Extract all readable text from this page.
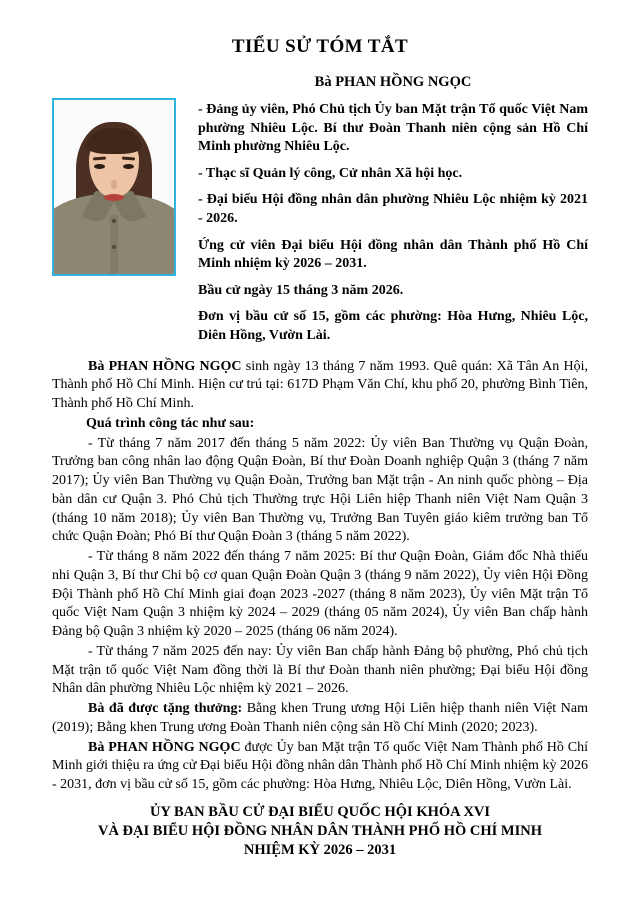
TIỂU SỬ TÓM TẮT
Bà PHAN HỒNG NGỌC

- Đảng ủy viên, Phó Chủ tịch Ủy ban Mặt trận Tổ quốc Việt Nam phường Nhiêu Lộc. Bí thư Đoàn Thanh niên cộng sản Hồ Chí Minh phường Nhiêu Lộc.

- Thạc sĩ Quản lý công, Cử nhân Xã hội học.

- Đại biểu Hội đồng nhân dân phường Nhiêu Lộc nhiệm kỳ 2021 - 2026.

Ứng cử viên Đại biểu Hội đồng nhân dân Thành phố Hồ Chí Minh nhiệm kỳ 2026 – 2031.

Bầu cử ngày 15 tháng 3 năm 2026.

Đơn vị bầu cử số 15, gồm các phường: Hòa Hưng, Nhiêu Lộc, Diên Hồng, Vườn Lài.

Bà PHAN HỒNG NGỌC sinh ngày 13 tháng 7 năm 1993. Quê quán: Xã Tân An Hội, Thành phố Hồ Chí Minh. Hiện cư trú tại: 617D Phạm Văn Chí, khu phố 20, phường Bình Tiên, Thành phố Hồ Chí Minh.

Quá trình công tác như sau:

- Từ tháng 7 năm 2017 đến tháng 5 năm 2022: Ủy viên Ban Thường vụ Quận Đoàn, Trưởng ban công nhân lao động Quận Đoàn, Bí thư Đoàn Doanh nghiệp Quận 3 (tháng 7 năm 2017); Ủy viên Ban Thường vụ Quận Đoàn, Trưởng ban Mặt trận - An ninh quốc phòng – Địa bàn dân cư Quận 3. Phó Chủ tịch Thường trực Hội Liên hiệp Thanh niên Việt Nam Quận 3 (tháng 10 năm 2018); Ủy viên Ban Thường vụ, Trưởng Ban Tuyên giáo kiêm trưởng ban Tổ chức Quận Đoàn; Phó Bí thư Quận Đoàn 3 (tháng 5 năm 2022).

- Từ tháng 8 năm 2022 đến tháng 7 năm 2025: Bí thư Quận Đoàn, Giám đốc Nhà thiếu nhi Quận 3, Bí thư Chi bộ cơ quan Quận Đoàn Quận 3 (tháng 9 năm 2022), Ủy viên Hội Đồng Đội Thành phố Hồ Chí Minh giai đoạn 2023 -2027 (tháng 8 năm 2023), Ủy viên Mặt trận Tổ quốc Việt Nam Quận 3 nhiệm kỳ 2024 – 2029 (tháng 05 năm 2024), Ủy viên Ban chấp hành Đảng bộ Quận 3 nhiệm kỳ 2020 – 2025 (tháng 06 năm 2024).

- Từ tháng 7 năm 2025 đến nay: Ủy viên Ban chấp hành Đảng bộ phường, Phó chủ tịch Mặt trận tổ quốc Việt Nam đồng thời là Bí thư Đoàn thanh niên phường; Đại biểu Hội đồng Nhân dân phường Nhiêu Lộc nhiệm kỳ 2021 – 2026.

Bà đã được tặng thưởng: Bằng khen Trung ương Hội Liên hiệp thanh niên Việt Nam (2019); Bằng khen Trung ương Đoàn Thanh niên cộng sản Hồ Chí Minh (2020; 2023).

Bà PHAN HỒNG NGỌC được Ủy ban Mặt trận Tổ quốc Việt Nam Thành phố Hồ Chí Minh giới thiệu ra ứng cử Đại biểu Hội đồng nhân dân Thành phố Hồ Chí Minh nhiệm kỳ 2026 - 2031, đơn vị bầu cử số 15, gồm các phường: Hòa Hưng, Nhiêu Lộc, Diên Hồng, Vườn Lài.

ỦY BAN BẦU CỬ ĐẠI BIỂU QUỐC HỘI KHÓA XVI
VÀ ĐẠI BIỂU HỘI ĐỒNG NHÂN DÂN THÀNH PHỐ HỒ CHÍ MINH
NHIỆM KỲ 2026 – 2031
